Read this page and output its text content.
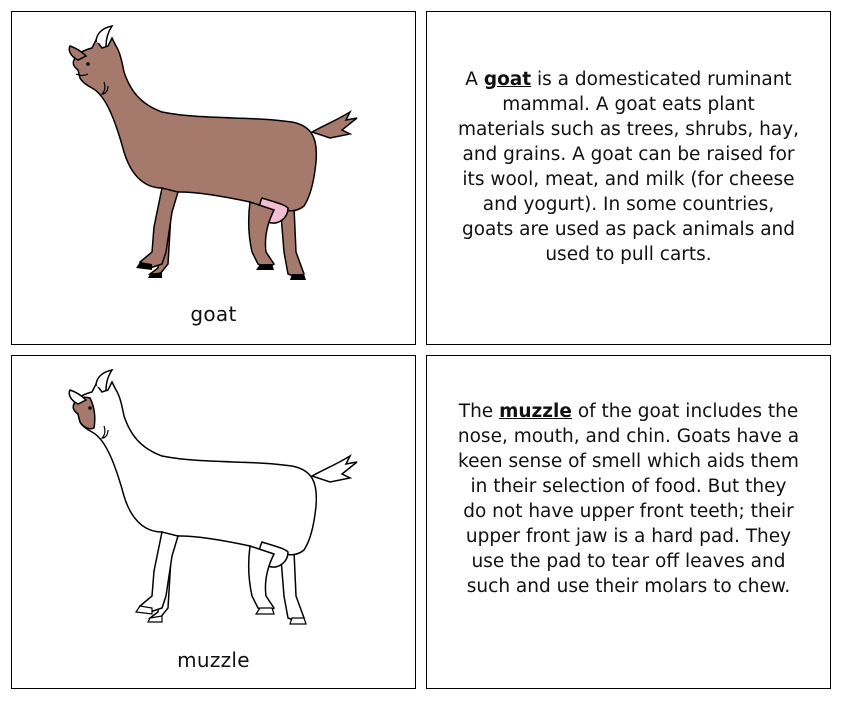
goat
A goat is a domesticated ruminant mammal. A goat eats plant materials such as trees, shrubs, hay, and grains. A goat can be raised for its wool, meat, and milk (for cheese and yogurt). In some countries, goats are used as pack animals and used to pull carts.
muzzle
The muzzle of the goat includes the nose, mouth, and chin. Goats have a keen sense of smell which aids them in their selection of food. But they do not have upper front teeth; their upper front jaw is a hard pad. They use the pad to tear off leaves and such and use their molars to chew.
